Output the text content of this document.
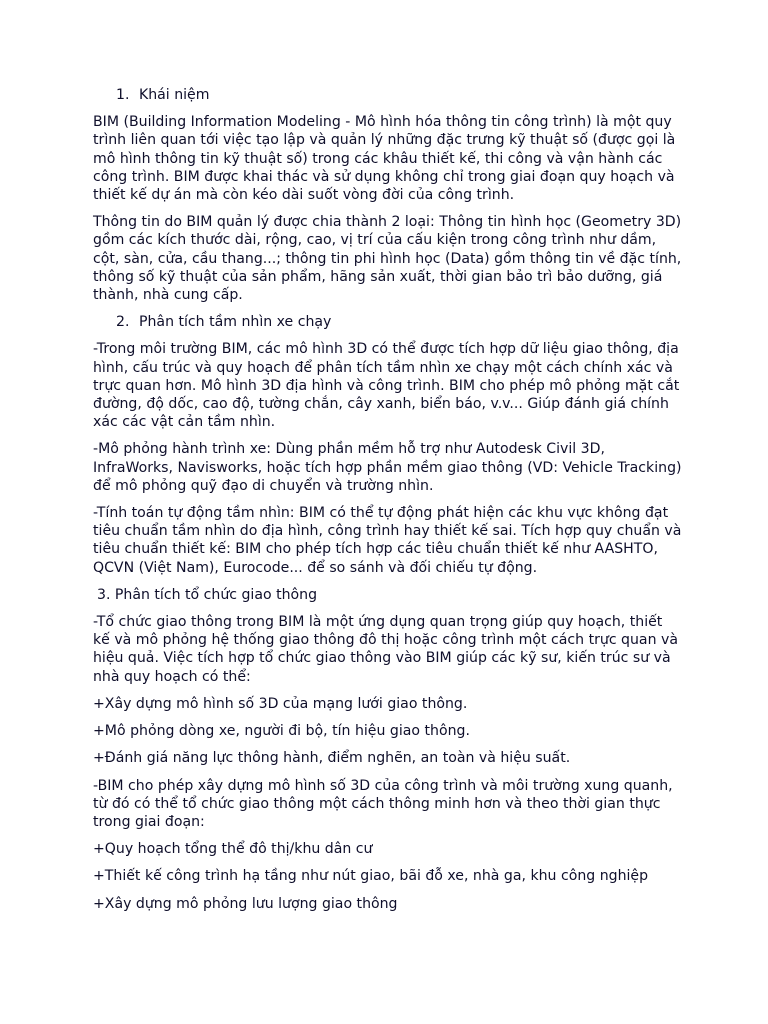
1. Khái niệm

BIM (Building Information Modeling - Mô hình hóa thông tin công trình) là một quy trình liên quan tới việc tạo lập và quản lý những đặc trưng kỹ thuật số (được gọi là mô hình thông tin kỹ thuật số) trong các khâu thiết kế, thi công và vận hành các công trình. BIM được khai thác và sử dụng không chỉ trong giai đoạn quy hoạch và thiết kế dự án mà còn kéo dài suốt vòng đời của công trình.

Thông tin do BIM quản lý được chia thành 2 loại: Thông tin hình học (Geometry 3D) gồm các kích thước dài, rộng, cao, vị trí của cấu kiện trong công trình như dầm, cột, sàn, cửa, cầu thang...; thông tin phi hình học (Data) gồm thông tin về đặc tính, thông số kỹ thuật của sản phẩm, hãng sản xuất, thời gian bảo trì bảo dưỡng, giá thành, nhà cung cấp.

2. Phân tích tầm nhìn xe chạy

-Trong môi trường BIM, các mô hình 3D có thể được tích hợp dữ liệu giao thông, địa hình, cấu trúc và quy hoạch để phân tích tầm nhìn xe chạy một cách chính xác và trực quan hơn. Mô hình 3D địa hình và công trình. BIM cho phép mô phỏng mặt cắt đường, độ dốc, cao độ, tường chắn, cây xanh, biển báo, v.v... Giúp đánh giá chính xác các vật cản tầm nhìn.

-Mô phỏng hành trình xe: Dùng phần mềm hỗ trợ như Autodesk Civil 3D, InfraWorks, Navisworks, hoặc tích hợp phần mềm giao thông (VD: Vehicle Tracking) để mô phỏng quỹ đạo di chuyển và trường nhìn.

-Tính toán tự động tầm nhìn: BIM có thể tự động phát hiện các khu vực không đạt tiêu chuẩn tầm nhìn do địa hình, công trình hay thiết kế sai. Tích hợp quy chuẩn và tiêu chuẩn thiết kế: BIM cho phép tích hợp các tiêu chuẩn thiết kế như AASHTO, QCVN (Việt Nam), Eurocode... để so sánh và đối chiếu tự động.

3. Phân tích tổ chức giao thông

-Tổ chức giao thông trong BIM là một ứng dụng quan trọng giúp quy hoạch, thiết kế và mô phỏng hệ thống giao thông đô thị hoặc công trình một cách trực quan và hiệu quả. Việc tích hợp tổ chức giao thông vào BIM giúp các kỹ sư, kiến trúc sư và nhà quy hoạch có thể:

+Xây dựng mô hình số 3D của mạng lưới giao thông.

+Mô phỏng dòng xe, người đi bộ, tín hiệu giao thông.

+Đánh giá năng lực thông hành, điểm nghẽn, an toàn và hiệu suất.

-BIM cho phép xây dựng mô hình số 3D của công trình và môi trường xung quanh, từ đó có thể tổ chức giao thông một cách thông minh hơn và theo thời gian thực trong giai đoạn:

+Quy hoạch tổng thể đô thị/khu dân cư

+Thiết kế công trình hạ tầng như nút giao, bãi đỗ xe, nhà ga, khu công nghiệp

+Xây dựng mô phỏng lưu lượng giao thông
